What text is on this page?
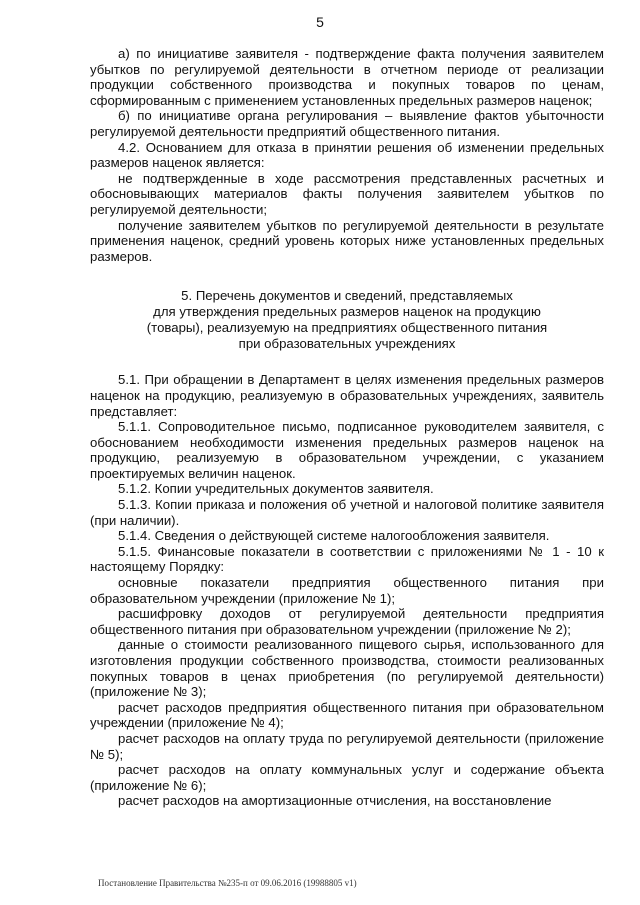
5

а) по инициативе заявителя - подтверждение факта получения заявителем убытков по регулируемой деятельности в отчетном периоде от реализации продукции собственного производства и покупных товаров по ценам, сформированным с применением установленных предельных размеров наценок;

б) по инициативе органа регулирования – выявление фактов убыточности регулируемой деятельности предприятий общественного питания.

4.2. Основанием для отказа в принятии решения об изменении предельных размеров наценок является:

не подтвержденные в ходе рассмотрения представленных расчетных и обосновывающих материалов факты получения заявителем убытков по регулируемой деятельности;

получение заявителем убытков по регулируемой деятельности в результате применения наценок, средний уровень которых ниже установленных предельных размеров.

5. Перечень документов и сведений, представляемых
для утверждения предельных размеров наценок на продукцию
(товары), реализуемую на предприятиях общественного питания
при образовательных учреждениях

5.1. При обращении в Департамент в целях изменения предельных размеров наценок на продукцию, реализуемую в образовательных учреждениях, заявитель представляет:

5.1.1. Сопроводительное письмо, подписанное руководителем заявителя, с обоснованием необходимости изменения предельных размеров наценок на продукцию, реализуемую в образовательном учреждении, с указанием проектируемых величин наценок.

5.1.2. Копии учредительных документов заявителя.

5.1.3. Копии приказа и положения об учетной и налоговой политике заявителя (при наличии).

5.1.4. Сведения о действующей системе налогообложения заявителя.

5.1.5. Финансовые показатели в соответствии с приложениями № 1 - 10 к настоящему Порядку:

основные показатели предприятия общественного питания при образовательном учреждении (приложение № 1);

расшифровку доходов от регулируемой деятельности предприятия общественного питания при образовательном учреждении (приложение № 2);

данные о стоимости реализованного пищевого сырья, использованного для изготовления продукции собственного производства, стоимости реализованных покупных товаров в ценах приобретения (по регулируемой деятельности) (приложение № 3);

расчет расходов предприятия общественного питания при образовательном учреждении (приложение № 4);

расчет расходов на оплату труда по регулируемой деятельности (приложение № 5);

расчет расходов на оплату коммунальных услуг и содержание объекта (приложение № 6);

расчет расходов на амортизационные отчисления, на восстановление

Постановление Правительства №235-п от 09.06.2016 (19988805 v1)
